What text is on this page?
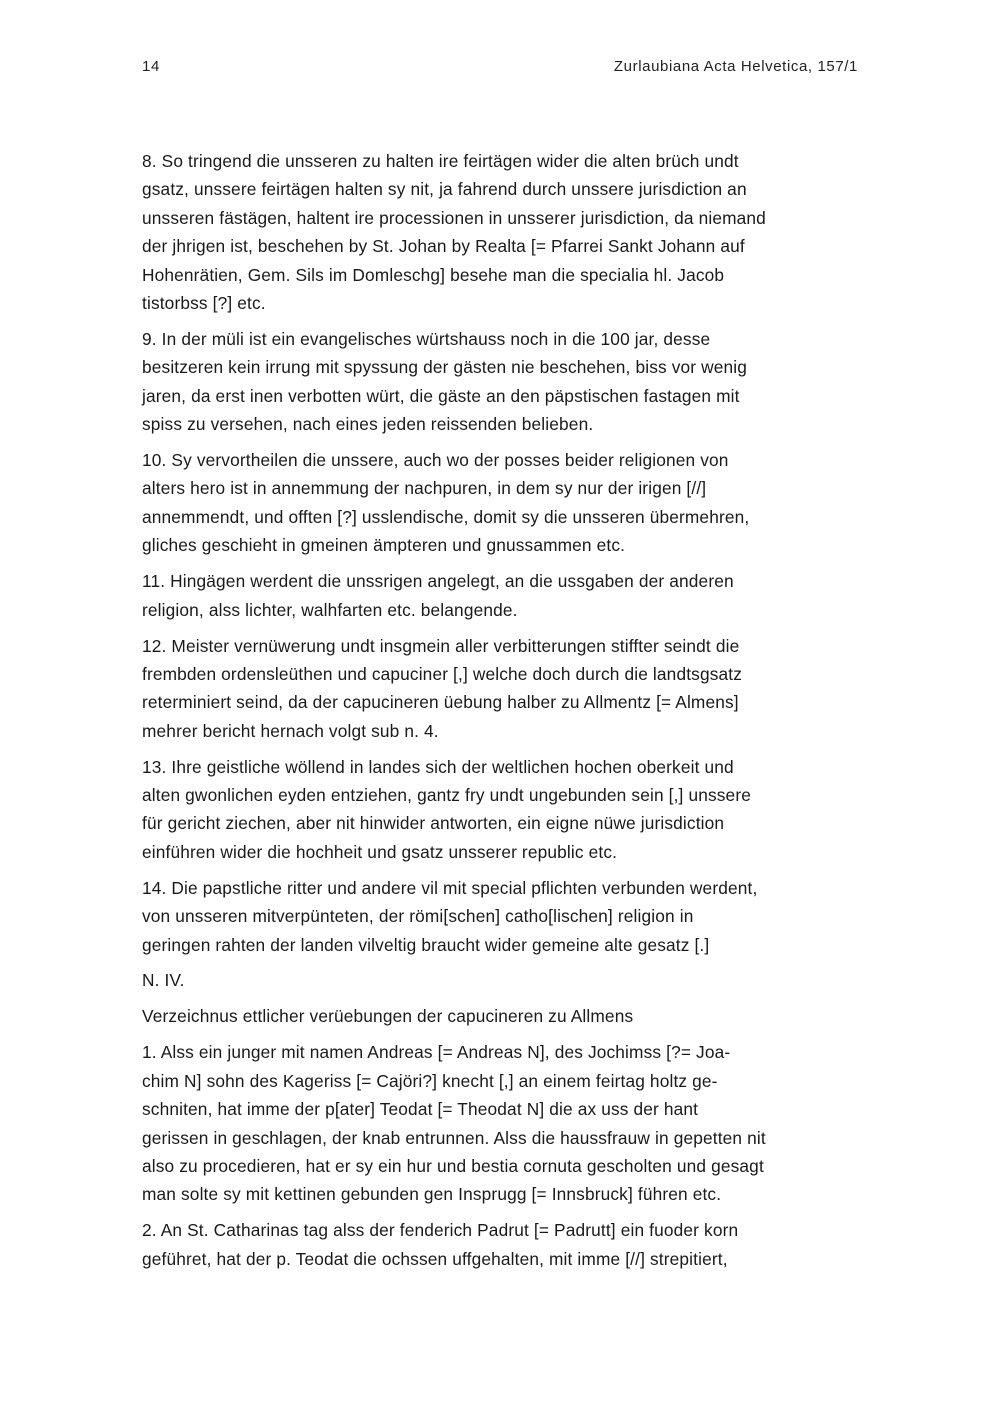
14	Zurlaubiana Acta Helvetica, 157/1

8. So tringend die unsseren zu halten ire feirtägen wider die alten brüch undt
gsatz, unssere feirtägen halten sy nit, ja fahrend durch unssere jurisdiction an
unsseren fästägen, haltent ire processionen in unsserer jurisdiction, da niemand
der jhrigen ist, beschehen by St. Johan by Realta [= Pfarrei Sankt Johann auf
Hohenrätien, Gem. Sils im Domleschg] besehe man die specialia hl. Jacob
tistorbss [?] etc.

9. In der müli ist ein evangelisches würtshauss noch in die 100 jar, desse
besitzeren kein irrung mit spyssung der gästen nie beschehen, biss vor wenig
jaren, da erst inen verbotten würt, die gäste an den päpstischen fastagen mit
spiss zu versehen, nach eines jeden reissenden belieben.

10. Sy vervortheilen die unssere, auch wo der posses beider religionen von
alters hero ist in annemmung der nachpuren, in dem sy nur der irigen [//]
annemmendt, und offten [?] usslendische, domit sy die unsseren übermehren,
gliches geschieht in gmeinen ämpteren und gnussammen etc.

11. Hingägen werdent die unssrigen angelegt, an die ussgaben der anderen
religion, alss lichter, walhfarten etc. belangende.

12. Meister vernüwerung undt insgmein aller verbitterungen stiffter seindt die
frembden ordensleüthen und capuciner [,] welche doch durch die landtsgsatz
reterminiert seind, da der capucineren üebung halber zu Allmentz [= Almens]
mehrer bericht hernach volgt sub n. 4.

13. Ihre geistliche wöllend in landes sich der weltlichen hochen oberkeit und
alten gwonlichen eyden entziehen, gantz fry undt ungebunden sein [,] unssere
für gericht ziechen, aber nit hinwider antworten, ein eigne nüwe jurisdiction
einführen wider die hochheit und gsatz unsserer republic etc.

14. Die papstliche ritter und andere vil mit special pflichten verbunden werdent,
von unsseren mitverpünteten, der römi[schen] catho[lischen] religion in
geringen rahten der landen vilveltig braucht wider gemeine alte gesatz [.]

N. IV.

Verzeichnus ettlicher verüebungen der capucineren zu Allmens

1. Alss ein junger mit namen Andreas [= Andreas N], des Jochimss [?= Joa-
chim N] sohn des Kageriss [= Cajöri?] knecht [,] an einem feirtag holtz ge-
schniten, hat imme der p[ater] Teodat [= Theodat N] die ax uss der hant
gerissen in geschlagen, der knab entrunnen. Alss die haussfrauw in gepetten nit
also zu procedieren, hat er sy ein hur und bestia cornuta gescholten und gesagt
man solte sy mit kettinen gebunden gen Insprugg [= Innsbruck] führen etc.

2. An St. Catharinas tag alss der fenderich Padrut [= Padrutt] ein fuoder korn
geführet, hat der p. Teodat die ochssen uffgehalten, mit imme [//] strepitiert,
